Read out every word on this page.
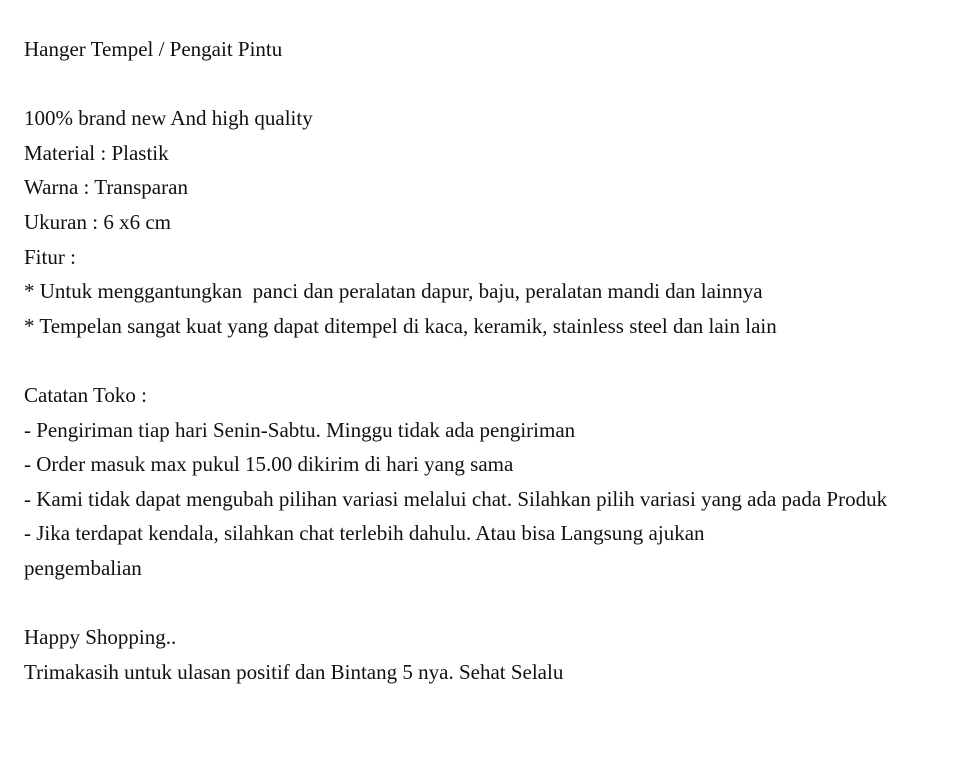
Hanger Tempel / Pengait Pintu
100% brand new And high quality
Material : Plastik
Warna : Transparan
Ukuran : 6 x6 cm
Fitur :
* Untuk menggantungkan  panci dan peralatan dapur, baju, peralatan mandi dan lainnya
* Tempelan sangat kuat yang dapat ditempel di kaca, keramik, stainless steel dan lain lain
Catatan Toko :
- Pengiriman tiap hari Senin-Sabtu. Minggu tidak ada pengiriman
- Order masuk max pukul 15.00 dikirim di hari yang sama
- Kami tidak dapat mengubah pilihan variasi melalui chat. Silahkan pilih variasi yang ada pada Produk
- Jika terdapat kendala, silahkan chat terlebih dahulu. Atau bisa Langsung ajukan pengembalian
Happy Shopping..
Trimakasih untuk ulasan positif dan Bintang 5 nya. Sehat Selalu
